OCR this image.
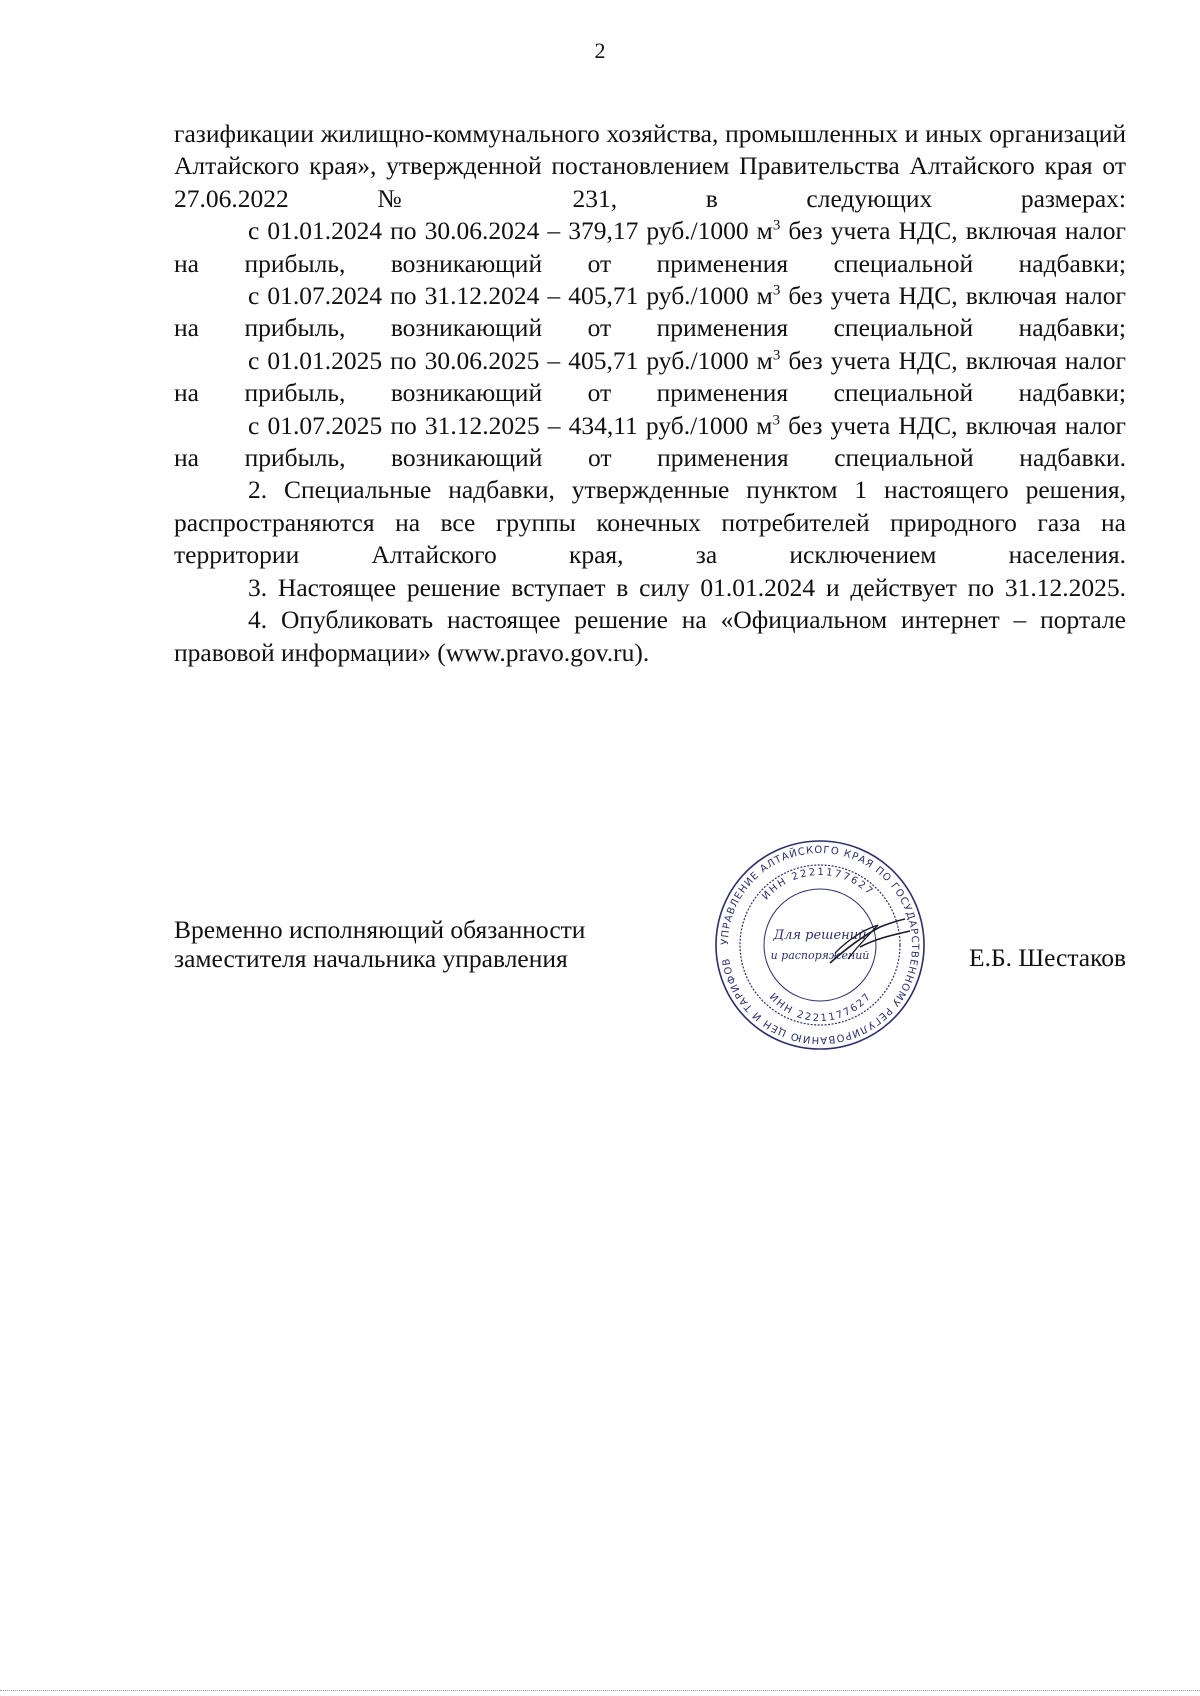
2

газификации жилищно-коммунального хозяйства, промышленных и иных организаций Алтайского края», утвержденной постановлением Правительства Алтайского края от 27.06.2022 № 231, в следующих размерах:

с 01.01.2024 по 30.06.2024 – 379,17 руб./1000 $м^3$ без учета НДС, включая налог на прибыль, возникающий от применения специальной надбавки;

с 01.07.2024 по 31.12.2024 – 405,71 руб./1000 $м^3$ без учета НДС, включая налог на прибыль, возникающий от применения специальной надбавки;

с 01.01.2025 по 30.06.2025 – 405,71 руб./1000 $м^3$ без учета НДС, включая налог на прибыль, возникающий от применения специальной надбавки;

с 01.07.2025 по 31.12.2025 – 434,11 руб./1000 $м^3$ без учета НДС, включая налог на прибыль, возникающий от применения специальной надбавки.

2. Специальные надбавки, утвержденные пунктом 1 настоящего решения, распространяются на все группы конечных потребителей природного газа на территории Алтайского края, за исключением населения.

3. Настоящее решение вступает в силу 01.01.2024 и действует по 31.12.2025.

4. Опубликовать настоящее решение на «Официальном интернет – портале правовой информации» (www.pravo.gov.ru).

Временно исполняющий обязанности
заместителя начальника управления
УПРАВЛЕНИЕ АЛТАЙСКОГО КРАЯ ПО ГОСУДАРСТВЕННОМУ РЕГУЛИРОВАНИЮ ЦЕН И ТАРИФОВ
ИНН 2221177627
ИНН 2221177627
Для решений
и распоряжений	Е.Б. Шестаков
